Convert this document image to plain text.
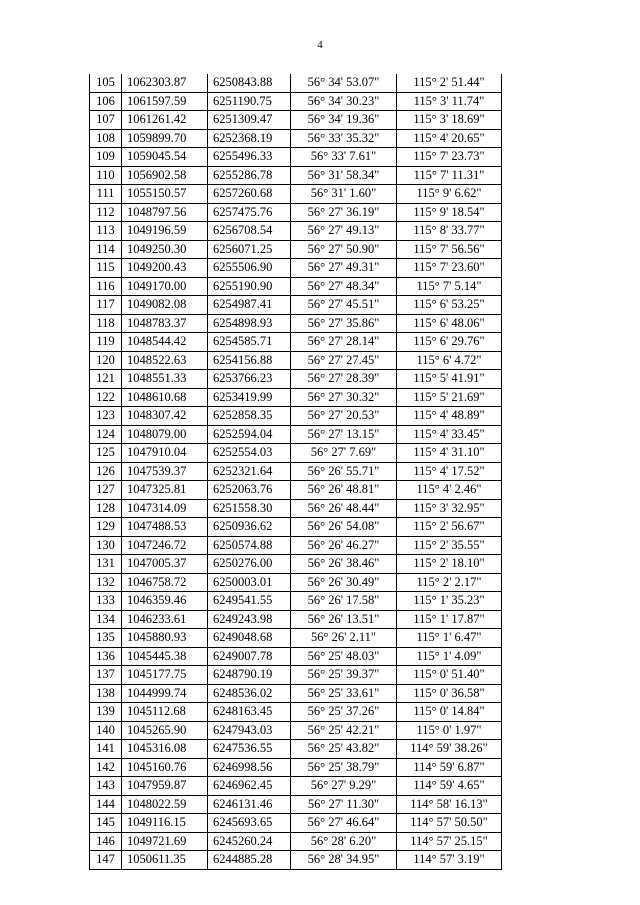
4
105	1062303.87	6250843.88	56° 34' 53.07"	115° 2' 51.44"
106	1061597.59	6251190.75	56° 34' 30.23"	115° 3' 11.74"
107	1061261.42	6251309.47	56° 34' 19.36"	115° 3' 18.69"
108	1059899.70	6252368.19	56° 33' 35.32"	115° 4' 20.65"
109	1059045.54	6255496.33	56° 33' 7.61"	115° 7' 23.73"
110	1056902.58	6255286.78	56° 31' 58.34"	115° 7' 11.31"
111	1055150.57	6257260.68	56° 31' 1.60"	115° 9' 6.62"
112	1048797.56	6257475.76	56° 27' 36.19"	115° 9' 18.54"
113	1049196.59	6256708.54	56° 27' 49.13"	115° 8' 33.77"
114	1049250.30	6256071.25	56° 27' 50.90"	115° 7' 56.56"
115	1049200.43	6255506.90	56° 27' 49.31"	115° 7' 23.60"
116	1049170.00	6255190.90	56° 27' 48.34"	115° 7' 5.14"
117	1049082.08	6254987.41	56° 27' 45.51"	115° 6' 53.25"
118	1048783.37	6254898.93	56° 27' 35.86"	115° 6' 48.06"
119	1048544.42	6254585.71	56° 27' 28.14"	115° 6' 29.76"
120	1048522.63	6254156.88	56° 27' 27.45"	115° 6' 4.72"
121	1048551.33	6253766.23	56° 27' 28.39"	115° 5' 41.91"
122	1048610.68	6253419.99	56° 27' 30.32"	115° 5' 21.69"
123	1048307.42	6252858.35	56° 27' 20.53"	115° 4' 48.89"
124	1048079.00	6252594.04	56° 27' 13.15"	115° 4' 33.45"
125	1047910.04	6252554.03	56° 27' 7.69"	115° 4' 31.10"
126	1047539.37	6252321.64	56° 26' 55.71"	115° 4' 17.52"
127	1047325.81	6252063.76	56° 26' 48.81"	115° 4' 2.46"
128	1047314.09	6251558.30	56° 26' 48.44"	115° 3' 32.95"
129	1047488.53	6250936.62	56° 26' 54.08"	115° 2' 56.67"
130	1047246.72	6250574.88	56° 26' 46.27"	115° 2' 35.55"
131	1047005.37	6250276.00	56° 26' 38.46"	115° 2' 18.10"
132	1046758.72	6250003.01	56° 26' 30.49"	115° 2' 2.17"
133	1046359.46	6249541.55	56° 26' 17.58"	115° 1' 35.23"
134	1046233.61	6249243.98	56° 26' 13.51"	115° 1' 17.87"
135	1045880.93	6249048.68	56° 26' 2.11"	115° 1' 6.47"
136	1045445.38	6249007.78	56° 25' 48.03"	115° 1' 4.09"
137	1045177.75	6248790.19	56° 25' 39.37"	115° 0' 51.40"
138	1044999.74	6248536.02	56° 25' 33.61"	115° 0' 36.58"
139	1045112.68	6248163.45	56° 25' 37.26"	115° 0' 14.84"
140	1045265.90	6247943.03	56° 25' 42.21"	115° 0' 1.97"
141	1045316.08	6247536.55	56° 25' 43.82"	114° 59' 38.26"
142	1045160.76	6246998.56	56° 25' 38.79"	114° 59' 6.87"
143	1047959.87	6246962.45	56° 27' 9.29"	114° 59' 4.65"
144	1048022.59	6246131.46	56° 27' 11.30"	114° 58' 16.13"
145	1049116.15	6245693.65	56° 27' 46.64"	114° 57' 50.50"
146	1049721.69	6245260.24	56° 28' 6.20"	114° 57' 25.15"
147	1050611.35	6244885.28	56° 28' 34.95"	114° 57' 3.19"
